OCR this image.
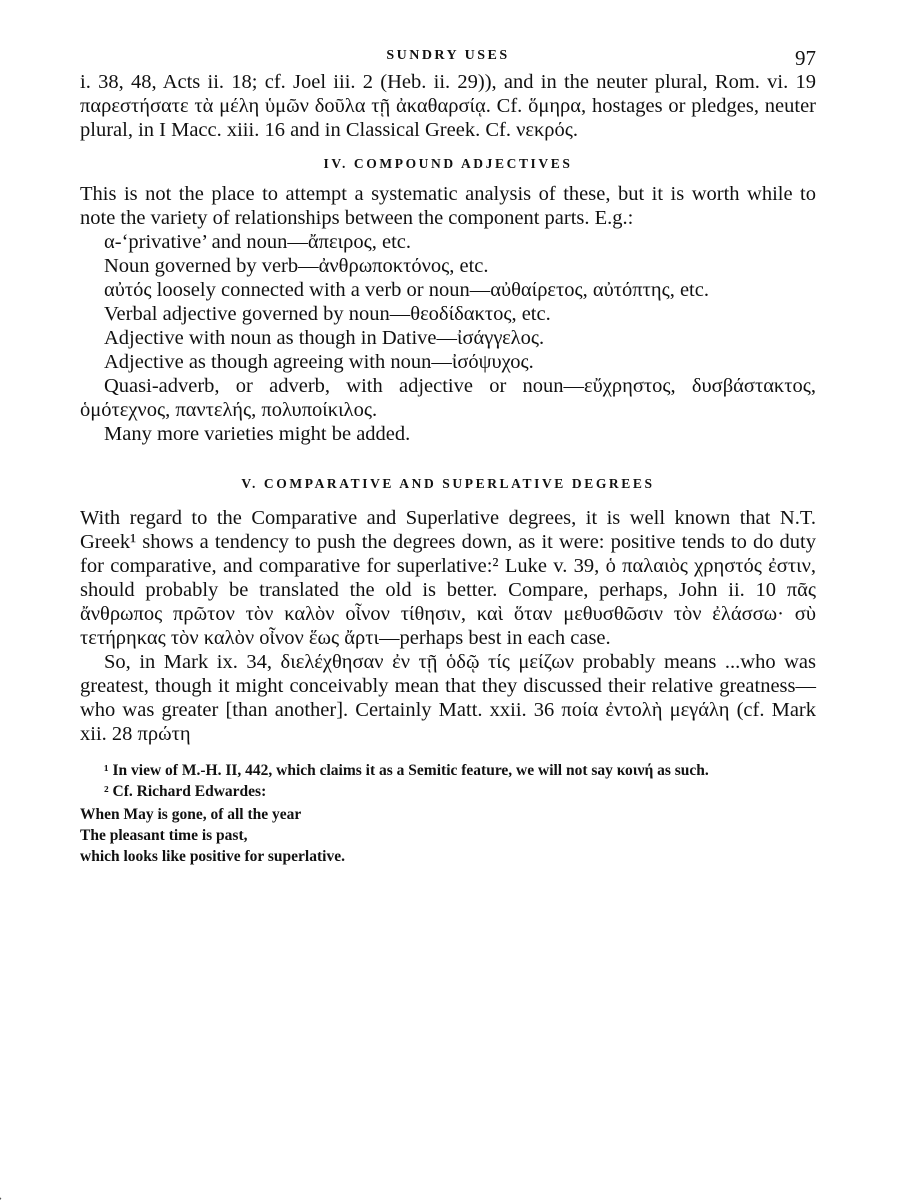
SUNDRY USES	97

i. 38, 48, Acts ii. 18; cf. Joel iii. 2 (Heb. ii. 29)), and in the neuter plural, Rom. vi. 19 παρεστήσατε τὰ μέλη ὑμῶν δοῦλα τῇ ἀκαθαρσίᾳ. Cf. ὅμηρα, hostages or pledges, neuter plural, in I Macc. xiii. 16 and in Classical Greek. Cf. νεκρός.

IV. COMPOUND ADJECTIVES

This is not the place to attempt a systematic analysis of these, but it is worth while to note the variety of relationships between the component parts. E.g.:

α-‘privative’ and noun—ἄπειρος, etc.

Noun governed by verb—ἀνθρωποκτόνος, etc.

αὐτός loosely connected with a verb or noun—αὐθαίρετος, αὐτόπτης, etc.

Verbal adjective governed by noun—θεοδίδακτος, etc.

Adjective with noun as though in Dative—ἰσάγγελος.

Adjective as though agreeing with noun—ἰσόψυχος.

Quasi-adverb, or adverb, with adjective or noun—εὔχρηστος, δυσβάστακτος, ὁμότεχνος, παντελής, πολυποίκιλος.

Many more varieties might be added.

V. COMPARATIVE AND SUPERLATIVE DEGREES

With regard to the Comparative and Superlative degrees, it is well known that N.T. Greek¹ shows a tendency to push the degrees down, as it were: positive tends to do duty for comparative, and comparative for superlative:² Luke v. 39, ὁ παλαιὸς χρηστός ἐστιν, should probably be translated the old is better. Compare, perhaps, John ii. 10 πᾶς ἄνθρωπος πρῶτον τὸν καλὸν οἶνον τίθησιν, καὶ ὅταν μεθυσθῶσιν τὸν ἐλάσσω· σὺ τετήρηκας τὸν καλὸν οἶνον ἕως ἄρτι—perhaps best in each case.

So, in Mark ix. 34, διελέχθησαν ἐν τῇ ὁδῷ τίς μείζων probably means ...who was greatest, though it might conceivably mean that they discussed their relative greatness—who was greater [than another]. Certainly Matt. xxii. 36 ποία ἐντολὴ μεγάλη (cf. Mark xii. 28 πρώτη

¹ In view of M.-H. II, 442, which claims it as a Semitic feature, we will not say κοινή as such.

² Cf. Richard Edwardes:

When May is gone, of all the year

The pleasant time is past,

which looks like positive for superlative.
